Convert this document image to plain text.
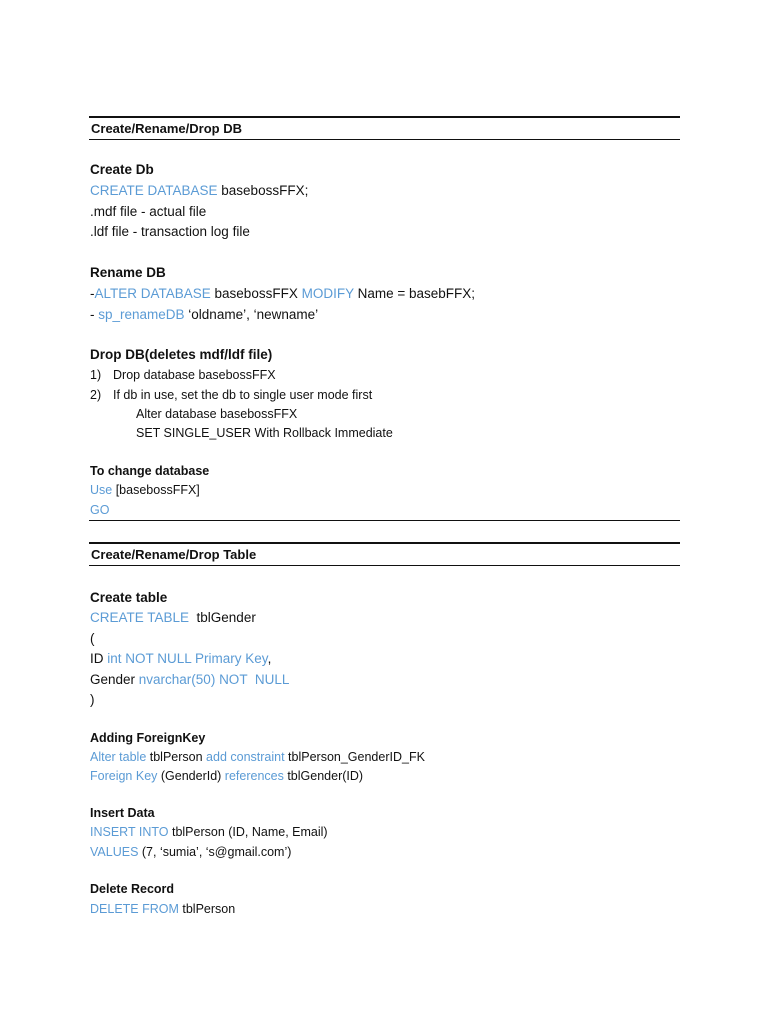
Create/Rename/Drop DB
Create Db
CREATE DATABASE basebossFFX;
.mdf file - actual file
.ldf file - transaction log file
Rename DB
-ALTER DATABASE basebossFFX MODIFY Name = basebFFX;
- sp_renameDB ‘oldname’, ‘newname’
Drop DB(deletes mdf/ldf file)
1) Drop database basebossFFX
2) If db in use, set the db to single user mode first
Alter database basebossFFX
SET SINGLE_USER With Rollback Immediate
To change database
Use [basebossFFX]
GO
Create/Rename/Drop Table
Create table
CREATE TABLE  tblGender
(
ID int NOT NULL Primary Key,
Gender nvarchar(50) NOT  NULL
)
Adding ForeignKey
Alter table tblPerson add constraint tblPerson_GenderID_FK
Foreign Key (GenderId) references tblGender(ID)
Insert Data
INSERT INTO tblPerson (ID, Name, Email)
VALUES (7, ‘sumia’, ‘s@gmail.com’)
Delete Record
DELETE FROM tblPerson
